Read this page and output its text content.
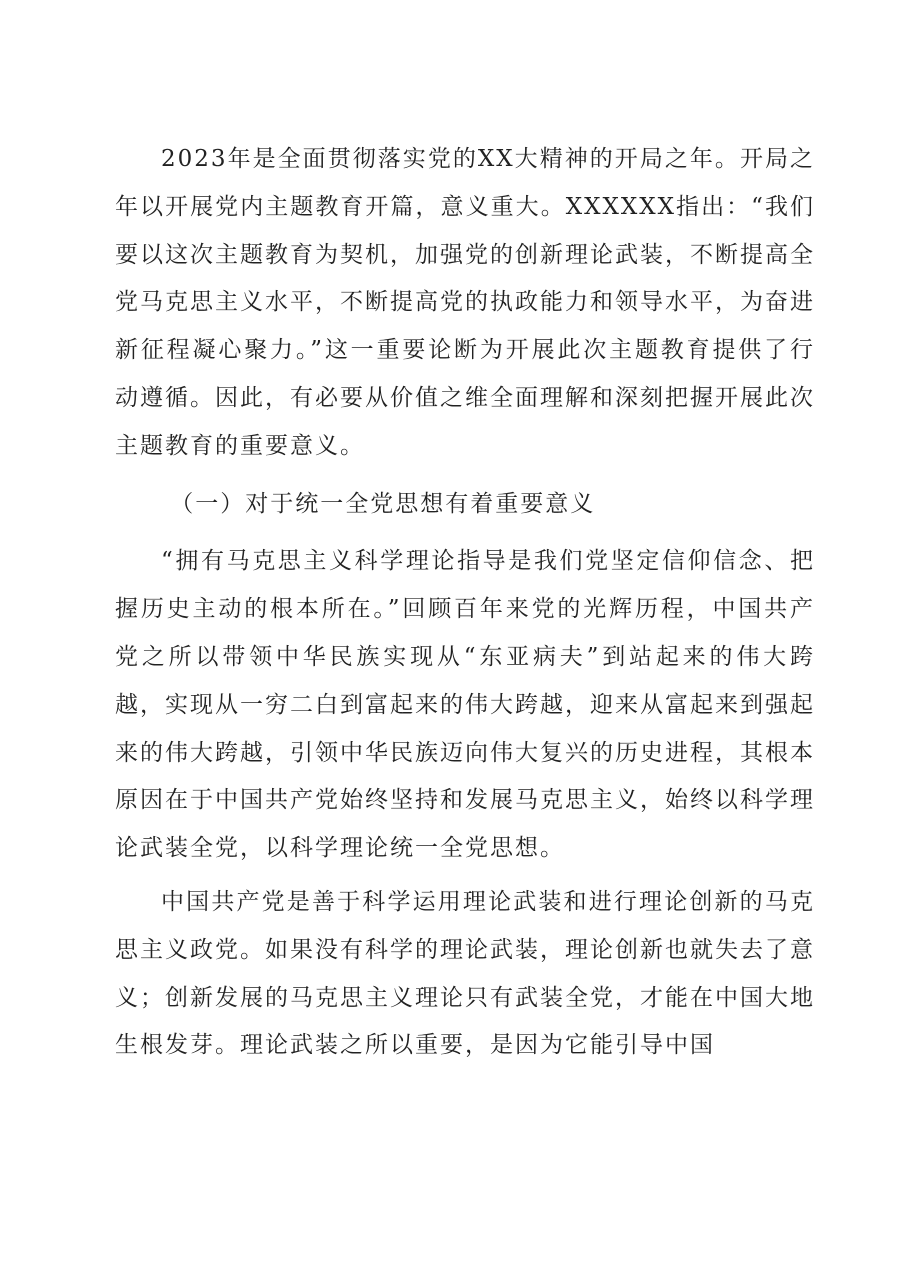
2023年是全面贯彻落实党的XX大精神的开局之年。开局之年以开展党内主题教育开篇，意义重大。XXXXXX指出：“我们要以这次主题教育为契机，加强党的创新理论武装，不断提高全党马克思主义水平，不断提高党的执政能力和领导水平，为奋进新征程凝心聚力。”这一重要论断为开展此次主题教育提供了行动遵循。因此，有必要从价值之维全面理解和深刻把握开展此次主题教育的重要意义。

（一）对于统一全党思想有着重要意义

“拥有马克思主义科学理论指导是我们党坚定信仰信念、把握历史主动的根本所在。”回顾百年来党的光辉历程，中国共产党之所以带领中华民族实现从“东亚病夫”到站起来的伟大跨越，实现从一穷二白到富起来的伟大跨越，迎来从富起来到强起来的伟大跨越，引领中华民族迈向伟大复兴的历史进程，其根本原因在于中国共产党始终坚持和发展马克思主义，始终以科学理论武装全党，以科学理论统一全党思想。

中国共产党是善于科学运用理论武装和进行理论创新的马克思主义政党。如果没有科学的理论武装，理论创新也就失去了意义；创新发展的马克思主义理论只有武装全党，才能在中国大地生根发芽。理论武装之所以重要，是因为它能引导中国
